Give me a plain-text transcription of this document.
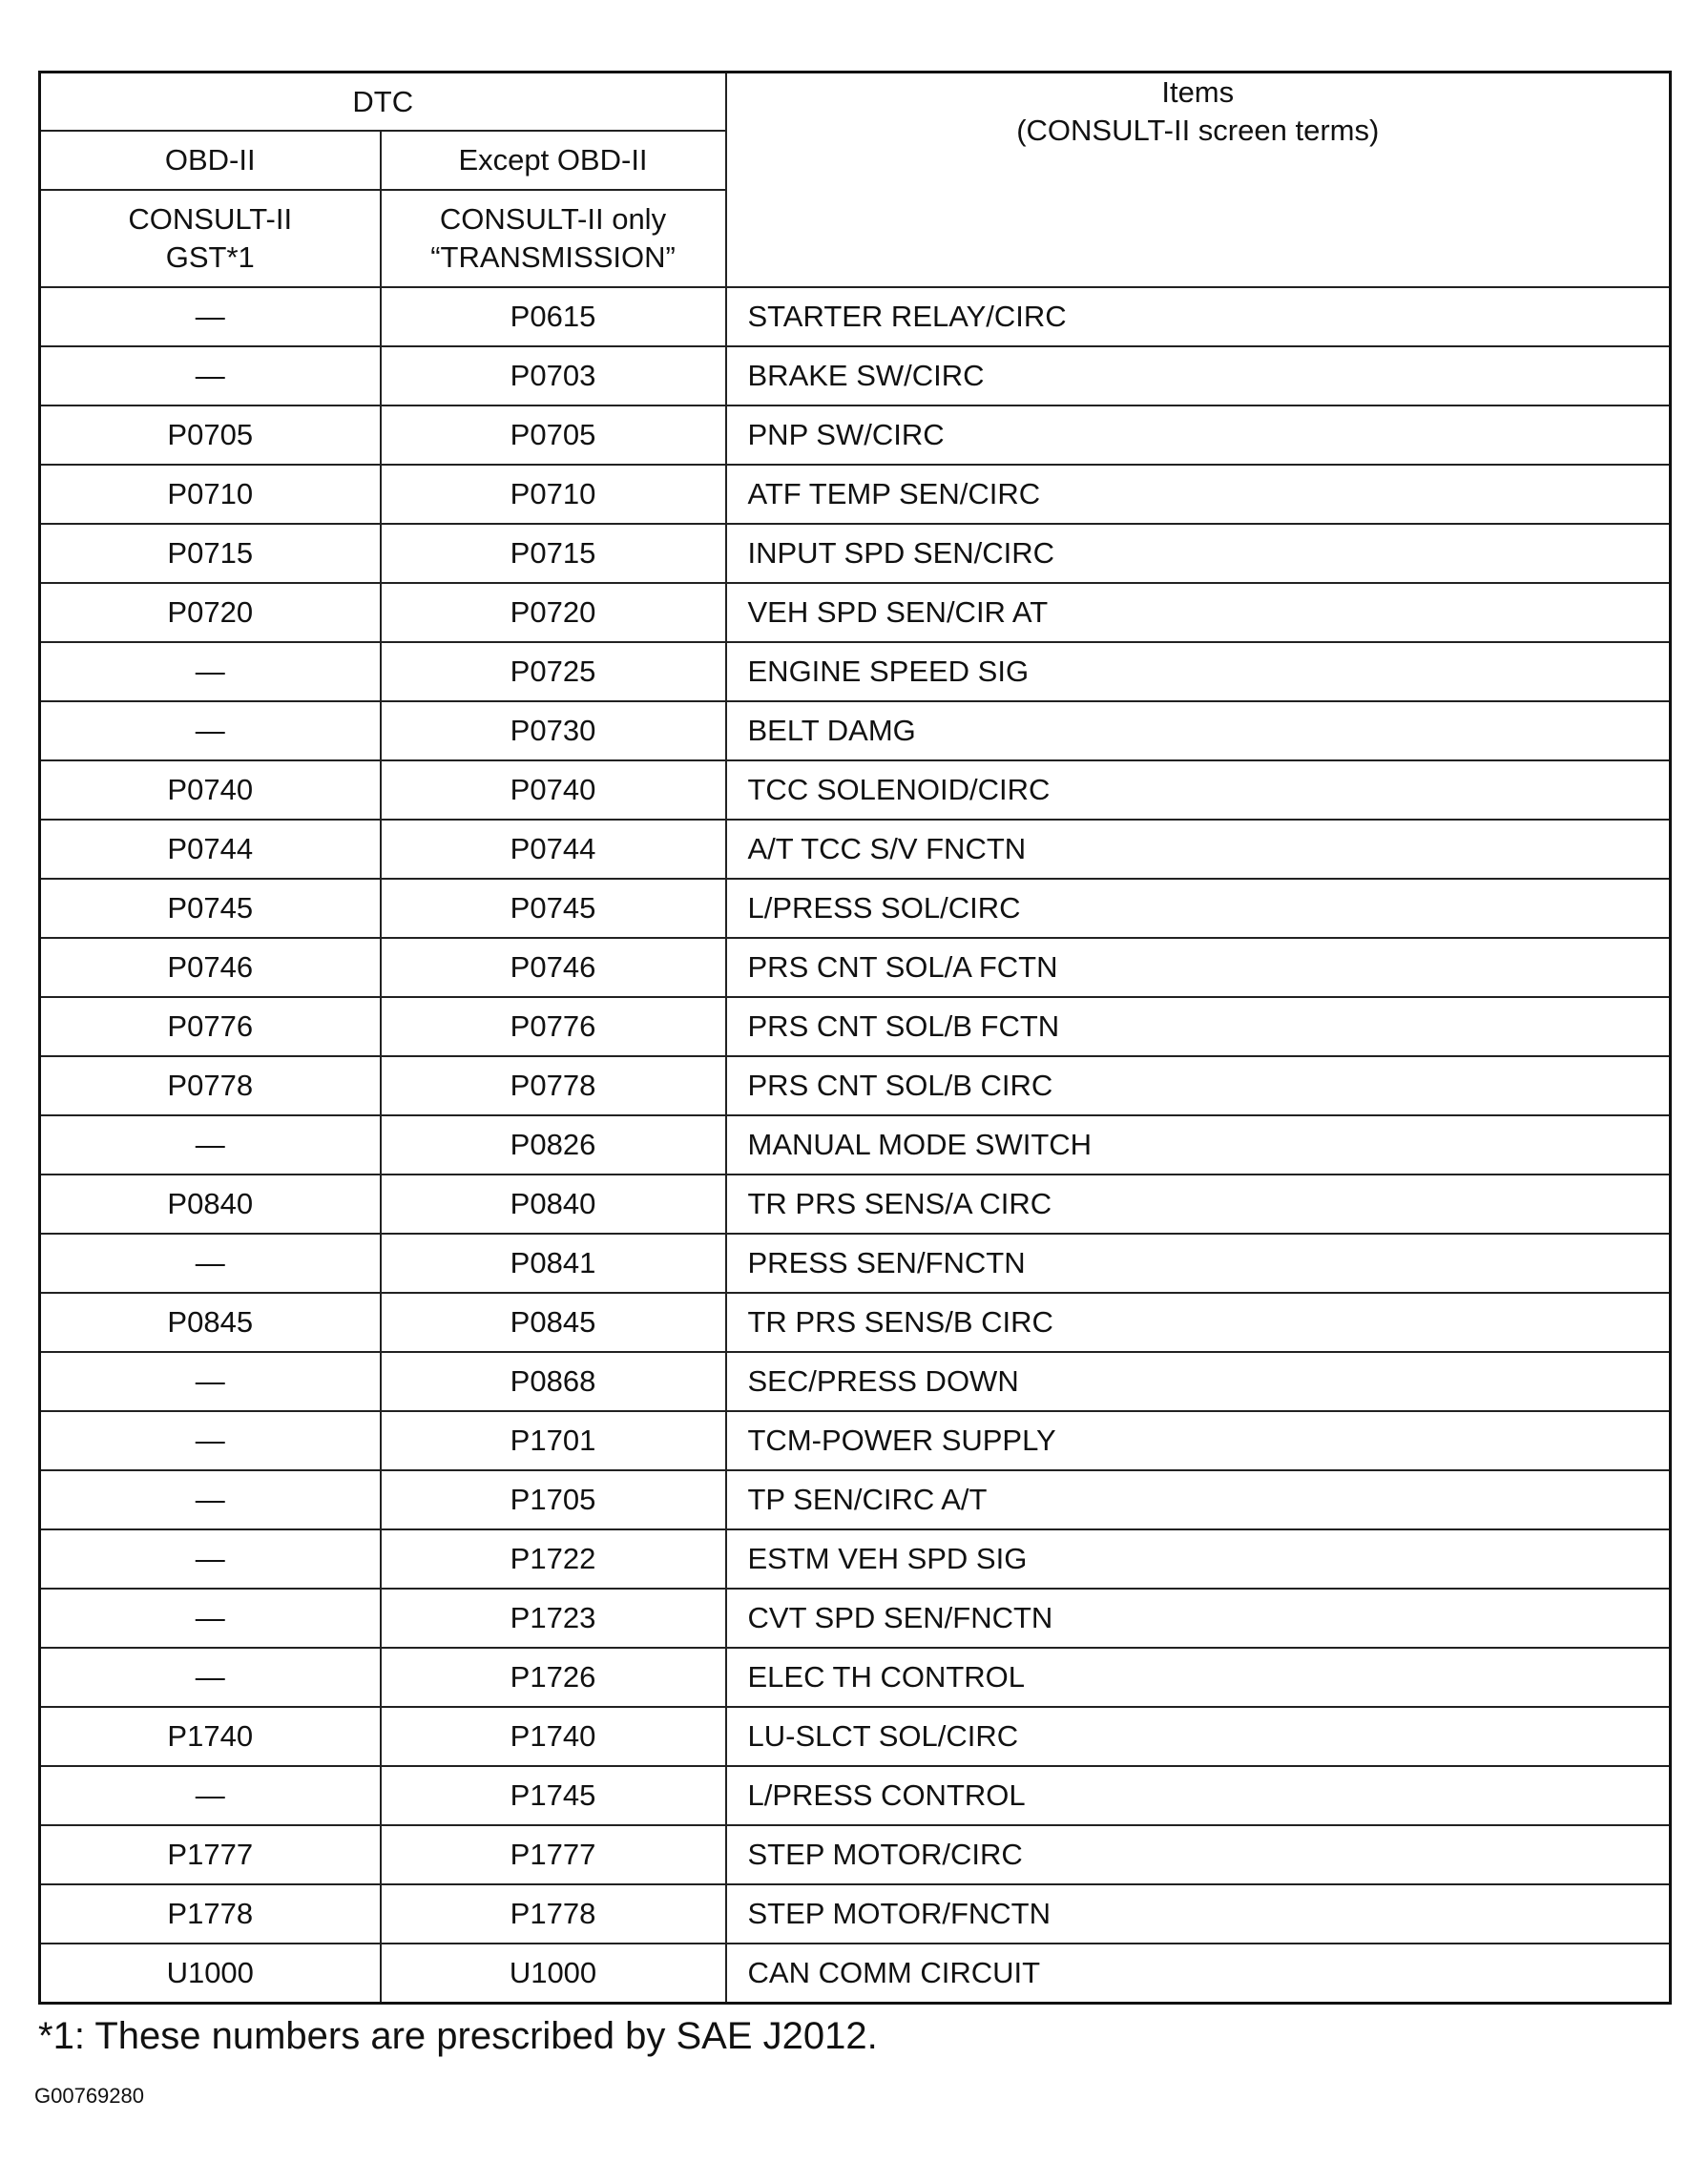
DTC		Items
(CONSULT-II screen terms)
OBD-II	Except OBD-II	
CONSULT-II
GST*1	CONSULT-II only
“TRANSMISSION”	
—	P0615	STARTER RELAY/CIRC
—	P0703	BRAKE SW/CIRC
P0705	P0705	PNP SW/CIRC
P0710	P0710	ATF TEMP SEN/CIRC
P0715	P0715	INPUT SPD SEN/CIRC
P0720	P0720	VEH SPD SEN/CIR AT
—	P0725	ENGINE SPEED SIG
—	P0730	BELT DAMG
P0740	P0740	TCC SOLENOID/CIRC
P0744	P0744	A/T TCC S/V FNCTN
P0745	P0745	L/PRESS SOL/CIRC
P0746	P0746	PRS CNT SOL/A FCTN
P0776	P0776	PRS CNT SOL/B FCTN
P0778	P0778	PRS CNT SOL/B CIRC
—	P0826	MANUAL MODE SWITCH
P0840	P0840	TR PRS SENS/A CIRC
—	P0841	PRESS SEN/FNCTN
P0845	P0845	TR PRS SENS/B CIRC
—	P0868	SEC/PRESS DOWN
—	P1701	TCM-POWER SUPPLY
—	P1705	TP SEN/CIRC A/T
—	P1722	ESTM VEH SPD SIG
—	P1723	CVT SPD SEN/FNCTN
—	P1726	ELEC TH CONTROL
P1740	P1740	LU-SLCT SOL/CIRC
—	P1745	L/PRESS CONTROL
P1777	P1777	STEP MOTOR/CIRC
P1778	P1778	STEP MOTOR/FNCTN
U1000	U1000	CAN COMM CIRCUIT
*1: These numbers are prescribed by SAE J2012.
G00769280
